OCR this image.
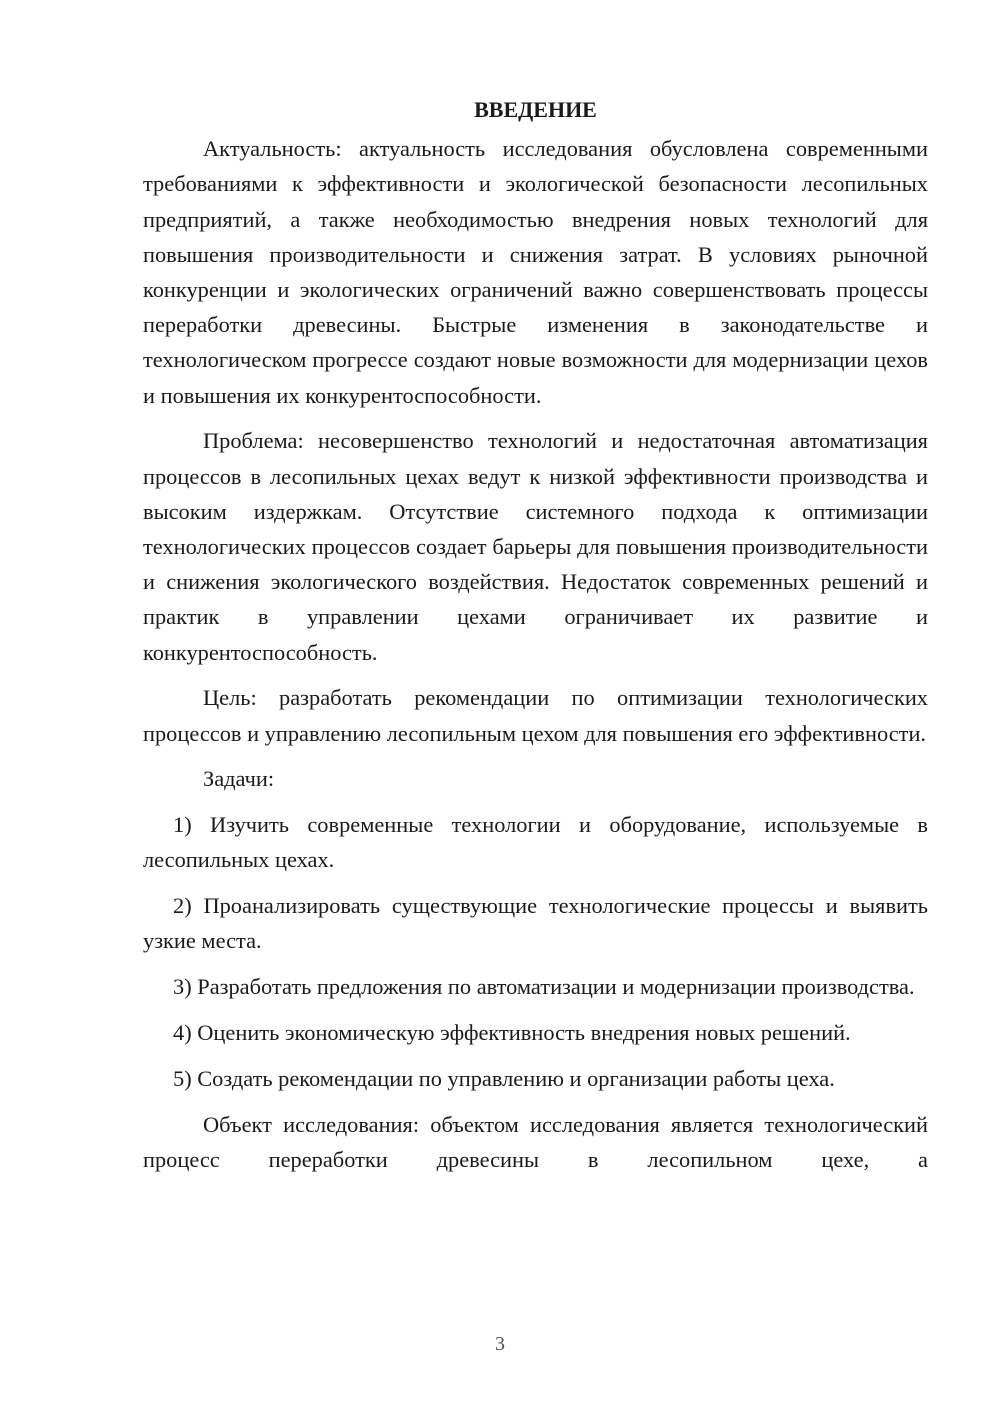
ВВЕДЕНИЕ

Актуальность: актуальность исследования обусловлена современными требованиями к эффективности и экологической безопасности лесопильных предприятий, а также необходимостью внедрения новых технологий для повышения производительности и снижения затрат. В условиях рыночной конкуренции и экологических ограничений важно совершенствовать процессы переработки древесины. Быстрые изменения в законодательстве и технологическом прогрессе создают новые возможности для модернизации цехов и повышения их конкурентоспособности.

Проблема: несовершенство технологий и недостаточная автоматизация процессов в лесопильных цехах ведут к низкой эффективности производства и высоким издержкам. Отсутствие системного подхода к оптимизации технологических процессов создает барьеры для повышения производительности и снижения экологического воздействия. Недостаток современных решений и практик в управлении цехами ограничивает их развитие и конкурентоспособность.

Цель: разработать рекомендации по оптимизации технологических процессов и управлению лесопильным цехом для повышения его эффективности.

Задачи:

1) Изучить современные технологии и оборудование, используемые в лесопильных цехах.

2) Проанализировать существующие технологические процессы и выявить узкие места.

3) Разработать предложения по автоматизации и модернизации производства.

4) Оценить экономическую эффективность внедрения новых решений.

5) Создать рекомендации по управлению и организации работы цеха.

Объект исследования: объектом исследования является технологический процесс переработки древесины в лесопильном цехе, а

3
